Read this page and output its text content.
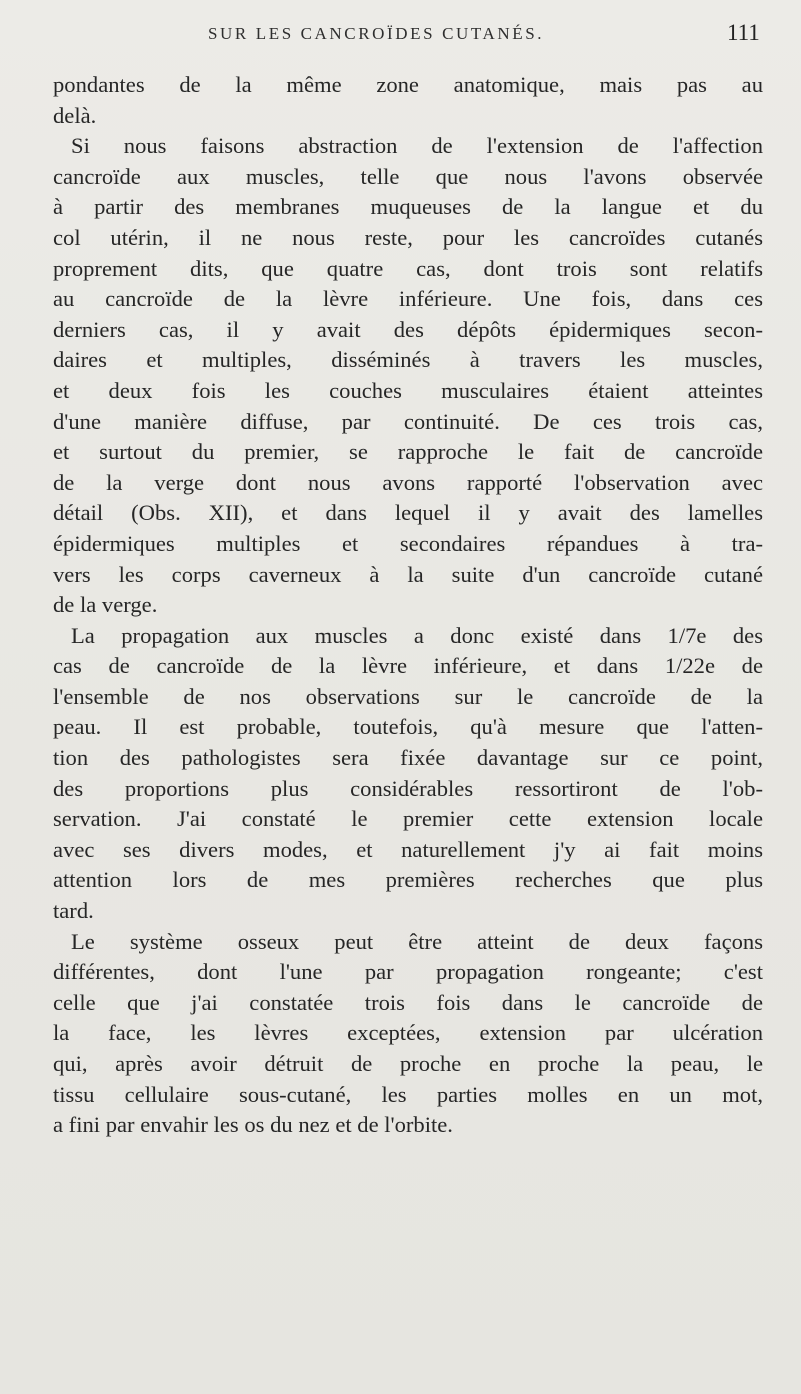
SUR LES CANCROÏDES CUTANÉS.	111
pondantes de la même zone anatomique, mais pas au
delà.
Si nous faisons abstraction de l'extension de l'affection
cancroïde aux muscles, telle que nous l'avons observée
à partir des membranes muqueuses de la langue et du
col utérin, il ne nous reste, pour les cancroïdes cutanés
proprement dits, que quatre cas, dont trois sont relatifs
au cancroïde de la lèvre inférieure. Une fois, dans ces
derniers cas, il y avait des dépôts épidermiques secon-
daires et multiples, disséminés à travers les muscles,
et deux fois les couches musculaires étaient atteintes
d'une manière diffuse, par continuité. De ces trois cas,
et surtout du premier, se rapproche le fait de cancroïde
de la verge dont nous avons rapporté l'observation avec
détail (Obs. XII), et dans lequel il y avait des lamelles
épidermiques multiples et secondaires répandues à tra-
vers les corps caverneux à la suite d'un cancroïde cutané
de la verge.
La propagation aux muscles a donc existé dans 1/7e des
cas de cancroïde de la lèvre inférieure, et dans 1/22e de
l'ensemble de nos observations sur le cancroïde de la
peau. Il est probable, toutefois, qu'à mesure que l'atten-
tion des pathologistes sera fixée davantage sur ce point,
des proportions plus considérables ressortiront de l'ob-
servation. J'ai constaté le premier cette extension locale
avec ses divers modes, et naturellement j'y ai fait moins
attention lors de mes premières recherches que plus
tard.
Le système osseux peut être atteint de deux façons
différentes, dont l'une par propagation rongeante; c'est
celle que j'ai constatée trois fois dans le cancroïde de
la face, les lèvres exceptées, extension par ulcération
qui, après avoir détruit de proche en proche la peau, le
tissu cellulaire sous-cutané, les parties molles en un mot,
a fini par envahir les os du nez et de l'orbite.
